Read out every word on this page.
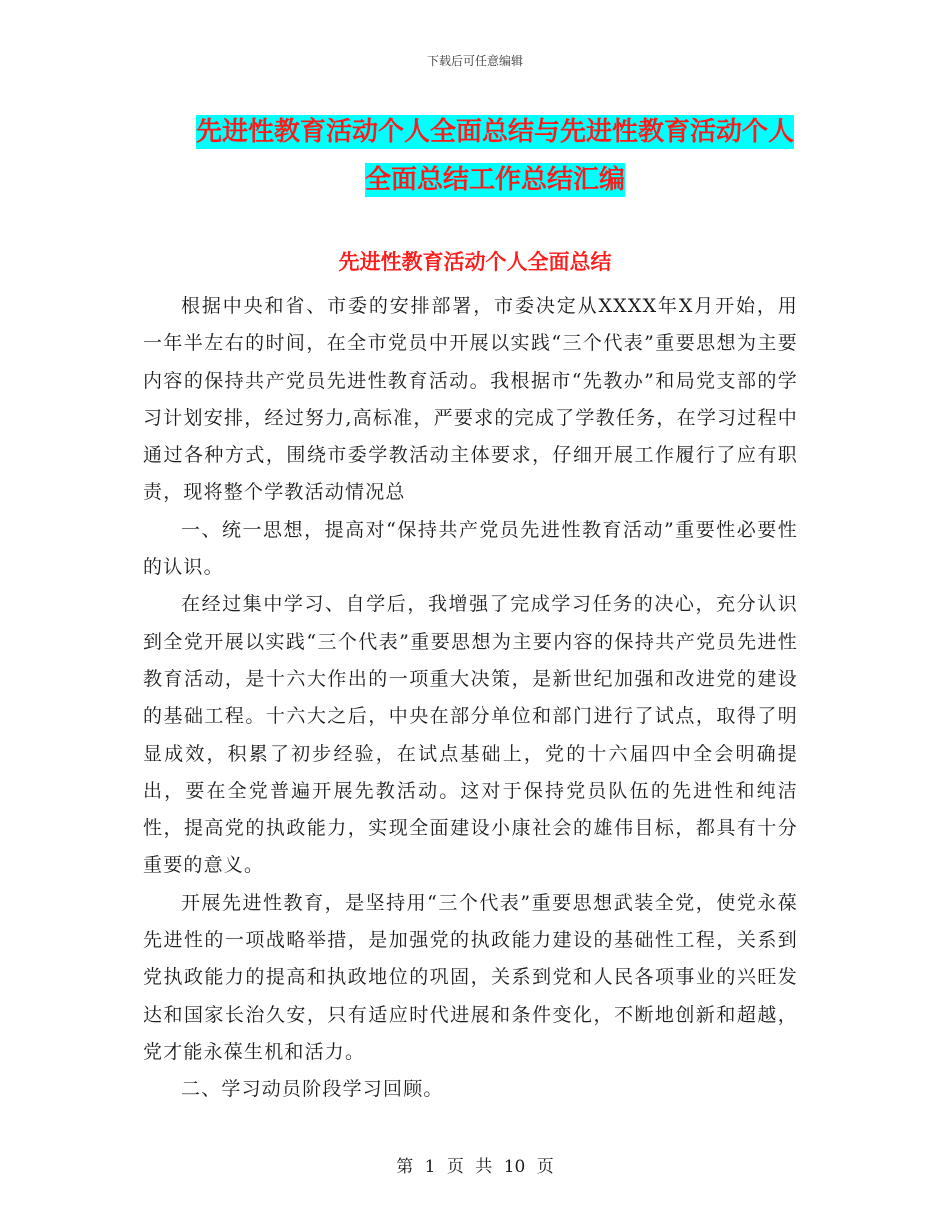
下载后可任意编辑
先进性教育活动个人全面总结与先进性教育活动个人
全面总结工作总结汇编
先进性教育活动个人全面总结

根据中央和省、市委的安排部署，市委决定从XXXX年X月开始，用一年半左右的时间，在全市党员中开展以实践“三个代表”重要思想为主要内容的保持共产党员先进性教育活动。我根据市“先教办”和局党支部的学习计划安排，经过努力,高标准，严要求的完成了学教任务，在学习过程中通过各种方式，围绕市委学教活动主体要求，仔细开展工作履行了应有职责，现将整个学教活动情况总

一、统一思想，提高对“保持共产党员先进性教育活动”重要性必要性的认识。

在经过集中学习、自学后，我增强了完成学习任务的决心，充分认识到全党开展以实践“三个代表”重要思想为主要内容的保持共产党员先进性教育活动，是十六大作出的一项重大决策，是新世纪加强和改进党的建设的基础工程。十六大之后，中央在部分单位和部门进行了试点，取得了明显成效，积累了初步经验，在试点基础上，党的十六届四中全会明确提出，要在全党普遍开展先教活动。这对于保持党员队伍的先进性和纯洁性，提高党的执政能力，实现全面建设小康社会的雄伟目标，都具有十分重要的意义。

开展先进性教育，是坚持用“三个代表”重要思想武装全党，使党永葆先进性的一项战略举措，是加强党的执政能力建设的基础性工程，关系到党执政能力的提高和执政地位的巩固，关系到党和人民各项事业的兴旺发达和国家长治久安，只有适应时代进展和条件变化，不断地创新和超越，党才能永葆生机和活力。

二、学习动员阶段学习回顾。

第 1 页 共 10 页
